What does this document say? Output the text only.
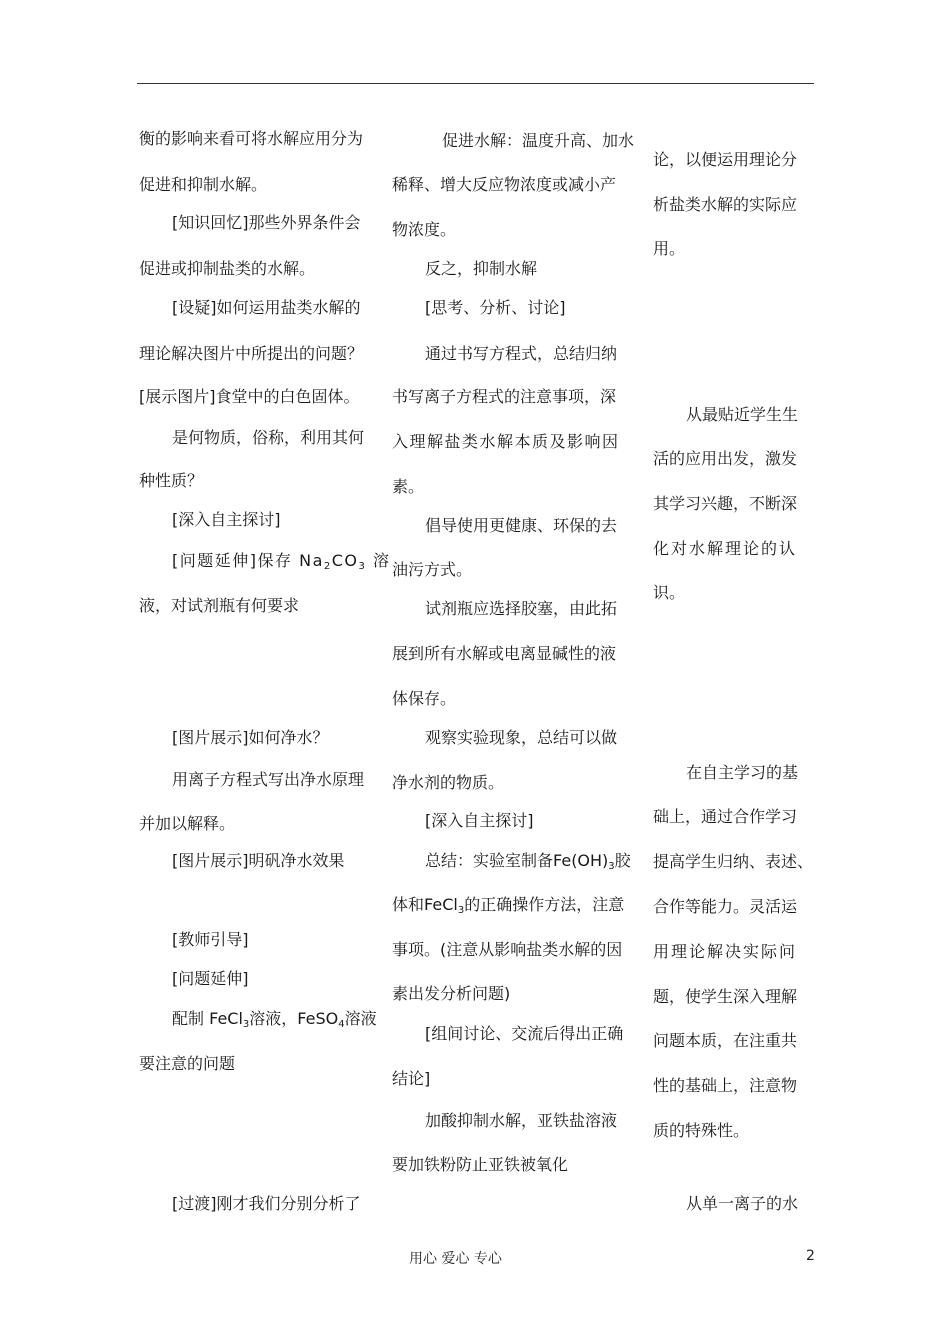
衡的影响来看可将水解应用分为
促进和抑制水解。
[知识回忆]那些外界条件会
促进或抑制盐类的水解。
[设疑]如何运用盐类水解的
理论解决图片中所提出的问题？
[展示图片]食堂中的白色固体。
是何物质，俗称，利用其何
种性质？
[深入自主探讨]
[问题延伸]保存 $Na_2CO_3$ 溶
液，对试剂瓶有何要求
[图片展示]如何净水？
用离子方程式写出净水原理
并加以解释。
[图片展示]明矾净水效果
[教师引导]
[问题延伸]
配制 FeCl$_3$溶液，FeSO$_4$溶液
要注意的问题
[过渡]刚才我们分别分析了
促进水解：温度升高、加水
稀释、增大反应物浓度或减小产
物浓度。
反之，抑制水解
[思考、分析、讨论]
通过书写方程式，总结归纳
书写离子方程式的注意事项，深
入理解盐类水解本质及影响因
素。
倡导使用更健康、环保的去
油污方式。
试剂瓶应选择胶塞，由此拓
展到所有水解或电离显碱性的液
体保存。
观察实验现象，总结可以做
净水剂的物质。
[深入自主探讨]
总结：实验室制备$Fe(OH)_3$胶
体和FeCl$_3$的正确操作方法，注意
事项。(注意从影响盐类水解的因
素出发分析问题)
[组间讨论、交流后得出正确
结论]
加酸抑制水解，亚铁盐溶液
要加铁粉防止亚铁被氧化
论，以便运用理论分
析盐类水解的实际应
用。
从最贴近学生生
活的应用出发，激发
其学习兴趣，不断深
化对水解理论的认
识。
在自主学习的基
础上，通过合作学习
提高学生归纳、表述、
合作等能力。灵活运
用理论解决实际问
题，使学生深入理解
问题本质，在注重共
性的基础上，注意物
质的特殊性。
从单一离子的水
用心 爱心 专心	2
